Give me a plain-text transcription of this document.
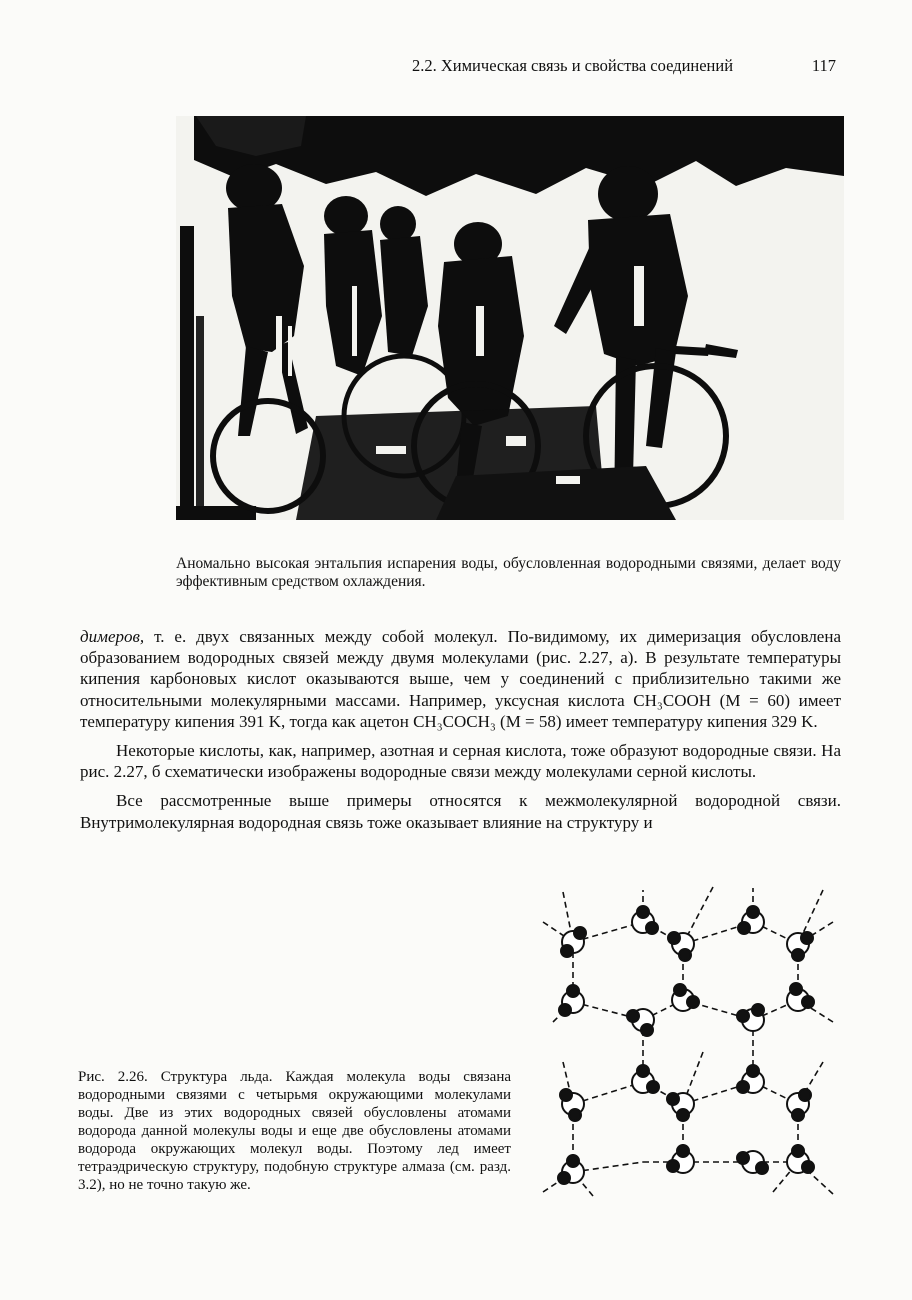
2.2. Химическая связь и свойства соединений	117
Аномально высокая энтальпия испарения воды, обусловленная водородными связями, делает воду эффективным средством охлаждения.

димеров, т. е. двух связанных между собой молекул. По-видимому, их димеризация обусловлена образованием водородных связей между двумя молекулами (рис. 2.27, а). В результате температуры кипения карбоновых кислот оказываются выше, чем у соединений с приблизительно такими же относительными молекулярными массами. Например, уксусная кислота CH₃COOH (M = 60) имеет температуру кипения 391 K, тогда как ацетон CH₃COCH₃ (M = 58) имеет температуру кипения 329 K.

Некоторые кислоты, как, например, азотная и серная кислота, тоже образуют водородные связи. На рис. 2.27, б схематически изображены водородные связи между молекулами серной кислоты.

Все рассмотренные выше примеры относятся к межмолекулярной водородной связи. Внутримолекулярная водородная связь тоже оказывает влияние на структуру и

Рис. 2.26. Структура льда. Каждая молекула воды связана водородными связями с четырьмя окружающими молекулами воды. Две из этих водородных связей обусловлены атомами водорода данной молекулы воды и еще две обусловлены атомами водорода окружающих молекул воды. Поэтому лед имеет тетраэдрическую структуру, подобную структуре алмаза (см. разд. 3.2), но не точно такую же.
